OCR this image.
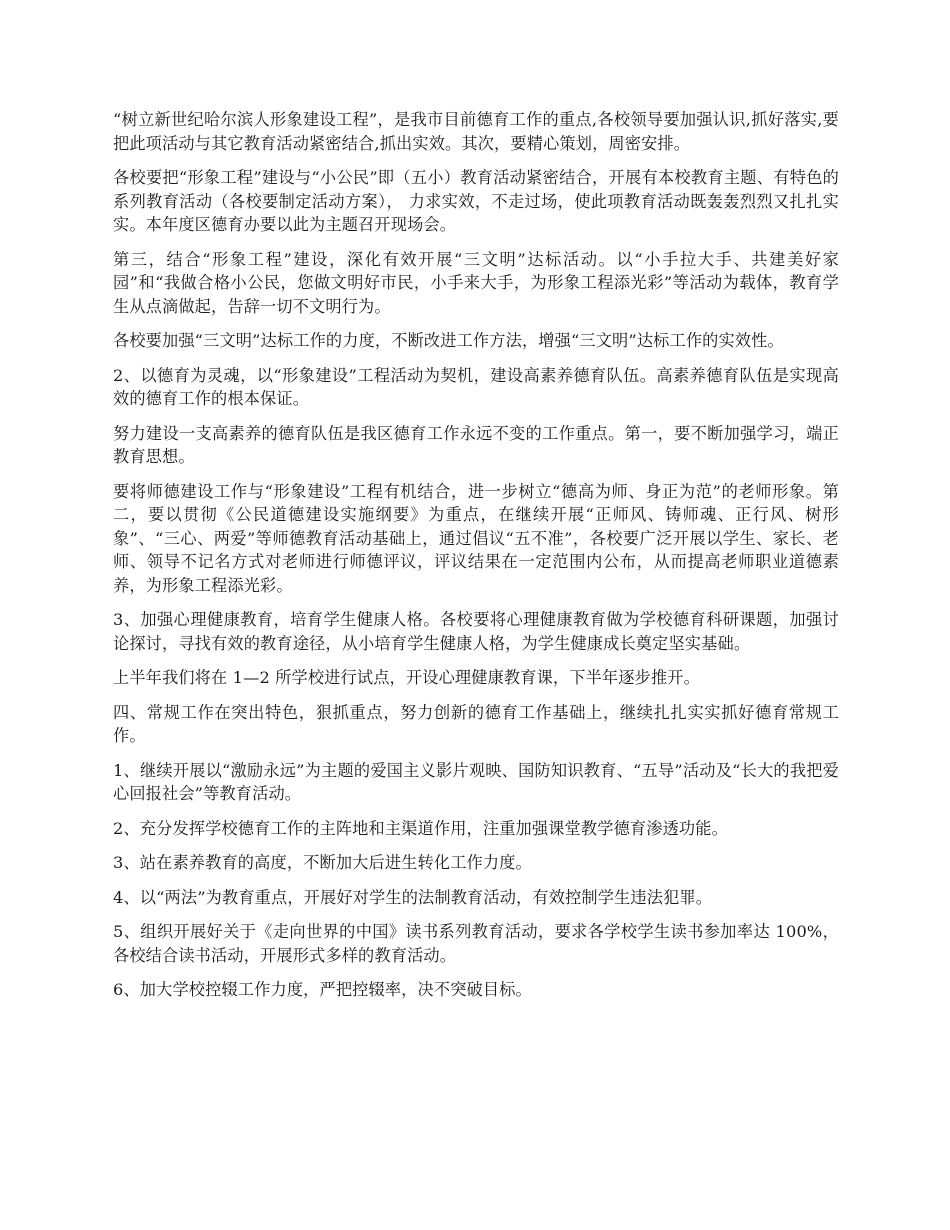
“树立新世纪哈尔滨人形象建设工程”，是我市目前德育工作的重点,各校领导要加强认识,抓好落实,要把此项活动与其它教育活动紧密结合,抓出实效。其次，要精心策划，周密安排。

各校要把“形象工程”建设与“小公民”即（五小）教育活动紧密结合，开展有本校教育主题、有特色的系列教育活动（各校要制定活动方案）， 力求实效，不走过场，使此项教育活动既轰轰烈烈又扎扎实实。本年度区德育办要以此为主题召开现场会。

第三，结合“形象工程”建设，深化有效开展“三文明”达标活动。以“小手拉大手、共建美好家园”和“我做合格小公民，您做文明好市民，小手来大手，为形象工程添光彩”等活动为载体，教育学生从点滴做起，告辞一切不文明行为。

各校要加强“三文明”达标工作的力度，不断改进工作方法，增强“三文明”达标工作的实效性。

2、以德育为灵魂，以“形象建设”工程活动为契机，建设高素养德育队伍。高素养德育队伍是实现高效的德育工作的根本保证。

努力建设一支高素养的德育队伍是我区德育工作永远不变的工作重点。第一，要不断加强学习，端正教育思想。

要将师德建设工作与“形象建设”工程有机结合，进一步树立“德高为师、身正为范”的老师形象。第二，要以贯彻《公民道德建设实施纲要》为重点，在继续开展“正师风、铸师魂、正行风、树形象”、“三心、两爱”等师德教育活动基础上，通过倡议“五不准”，各校要广泛开展以学生、家长、老师、领导不记名方式对老师进行师德评议，评议结果在一定范围内公布，从而提高老师职业道德素养，为形象工程添光彩。

3、加强心理健康教育，培育学生健康人格。各校要将心理健康教育做为学校德育科研课题，加强讨论探讨，寻找有效的教育途径，从小培育学生健康人格，为学生健康成长奠定坚实基础。

上半年我们将在 1—2 所学校进行试点，开设心理健康教育课，下半年逐步推开。

四、常规工作在突出特色，狠抓重点，努力创新的德育工作基础上，继续扎扎实实抓好德育常规工作。

1、继续开展以“激励永远”为主题的爱国主义影片观映、国防知识教育、“五导”活动及“长大的我把爱心回报社会”等教育活动。

2、充分发挥学校德育工作的主阵地和主渠道作用，注重加强课堂教学德育渗透功能。

3、站在素养教育的高度，不断加大后进生转化工作力度。

4、以“两法”为教育重点，开展好对学生的法制教育活动，有效控制学生违法犯罪。

5、组织开展好关于《走向世界的中国》读书系列教育活动，要求各学校学生读书参加率达 100%，各校结合读书活动，开展形式多样的教育活动。

6、加大学校控辍工作力度，严把控辍率，决不突破目标。
